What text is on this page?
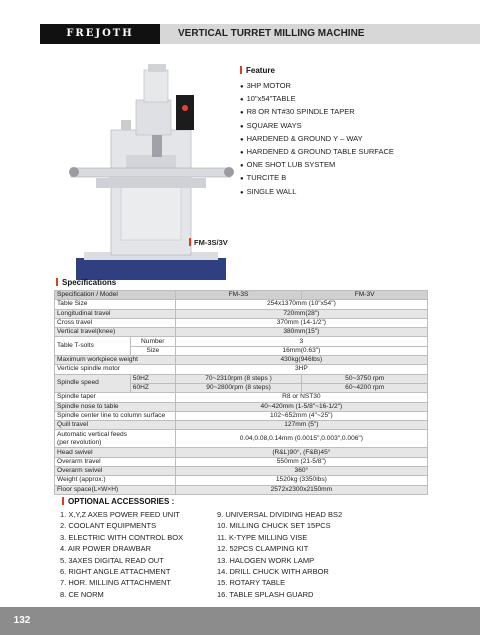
FREJOTH	VERTICAL TURRET MILLING MACHINE
Feature
● 3HP MOTOR
● 10"x54"TABLE
● R8 OR NT#30 SPINDLE TAPER
● SQUARE WAYS
● HARDENED & GROUND Y – WAY
● HARDENED & GROUND TABLE SURFACE
● ONE SHOT LUB SYSTEM
● TURCITE B
● SINGLE WALL
FM-3S/3V
Specifications
Specification / Model		FM-3S	FM-3V
Table Size		254x1370mm (10"x54")	
Longitudinal travel		720mm(28")	
Cross travel		370mm (14-1/2")	
Vertical travel(knee)		380mm(15")	
Table T-solts	Number	3	
	Size	16mm(0.63")	
Maximum workpiece weight		430kg(946lbs)	
Verticle spindle motor		3HP	
Spindle speed	50HZ	70~2310rpm (8 steps )	50~3750 rpm
	60HZ	90~2800rpm (8 steps)	60~4200 rpm
Spindle taper		R8 or NST30	
Spindle nose to table		40~420mm (1-5/8"~16-1/2")	
Spindle center line to column surface		102~652mm (4"~25")	
Quill travel		127mm (5")	
Automatic vertical feeds
(per revolution)		0.04,0.08,0.14mm (0.0015",0.003",0.006")	
Head swivel		(R&L)90°, (F&B)45°	
Overarm travel		550mm (21-5/8")	
Overarm swivel		360°	
Weight (approx.)		1520kg (3350lbs)	
Floor space(L×W×H)		2572x2300x2150mm	
OPTIONAL ACCESSORIES :
1. X,Y,Z AXES POWER FEED UNIT
2. COOLANT EQUIPMENTS
3. ELECTRIC WITH CONTROL BOX
4. AIR POWER DRAWBAR
5. 3AXES DIGITAL READ OUT
6. RIGHT ANGLE ATTACHMENT
7. HOR. MILLING ATTACHMENT
8. CE NORM
9. UNIVERSAL DIVIDING HEAD BS2
10. MILLING CHUCK SET 15PCS
11. K-TYPE MILLING VISE
12. 52PCS CLAMPING KIT
13. HALOGEN WORK LAMP
14. DRILL CHUCK WITH ARBOR
15. ROTARY TABLE
16. TABLE SPLASH GUARD
132
